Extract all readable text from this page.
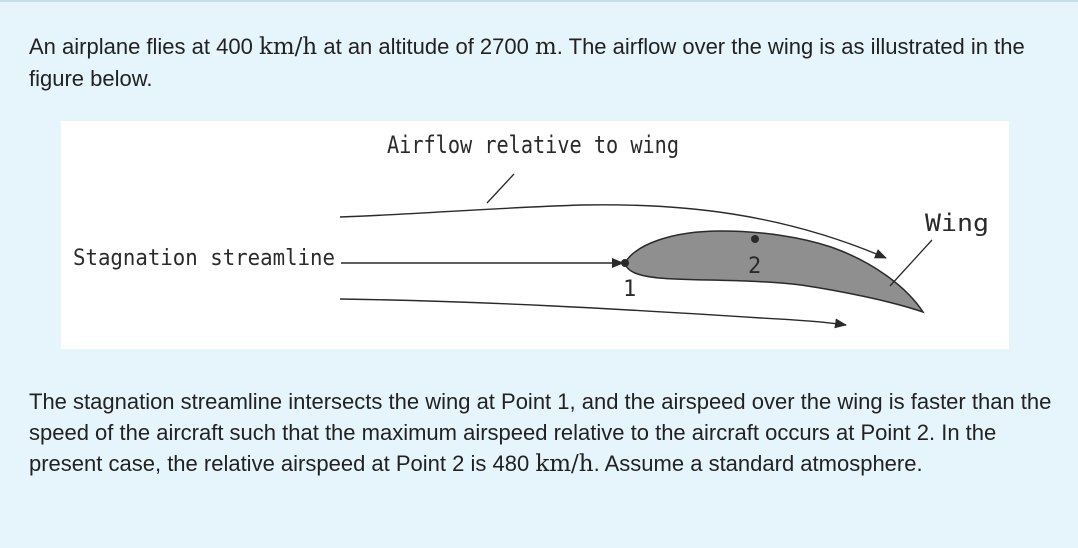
An airplane flies at 400 km/h at an altitude of 2700 m. The airflow over the wing is as illustrated in the figure below.

Airflow relative to wing
Wing
Stagnation streamline
1
2

The stagnation streamline intersects the wing at Point 1, and the airspeed over the wing is faster than the speed of the aircraft such that the maximum airspeed relative to the aircraft occurs at Point 2. In the present case, the relative airspeed at Point 2 is 480 km/h. Assume a standard atmosphere.
